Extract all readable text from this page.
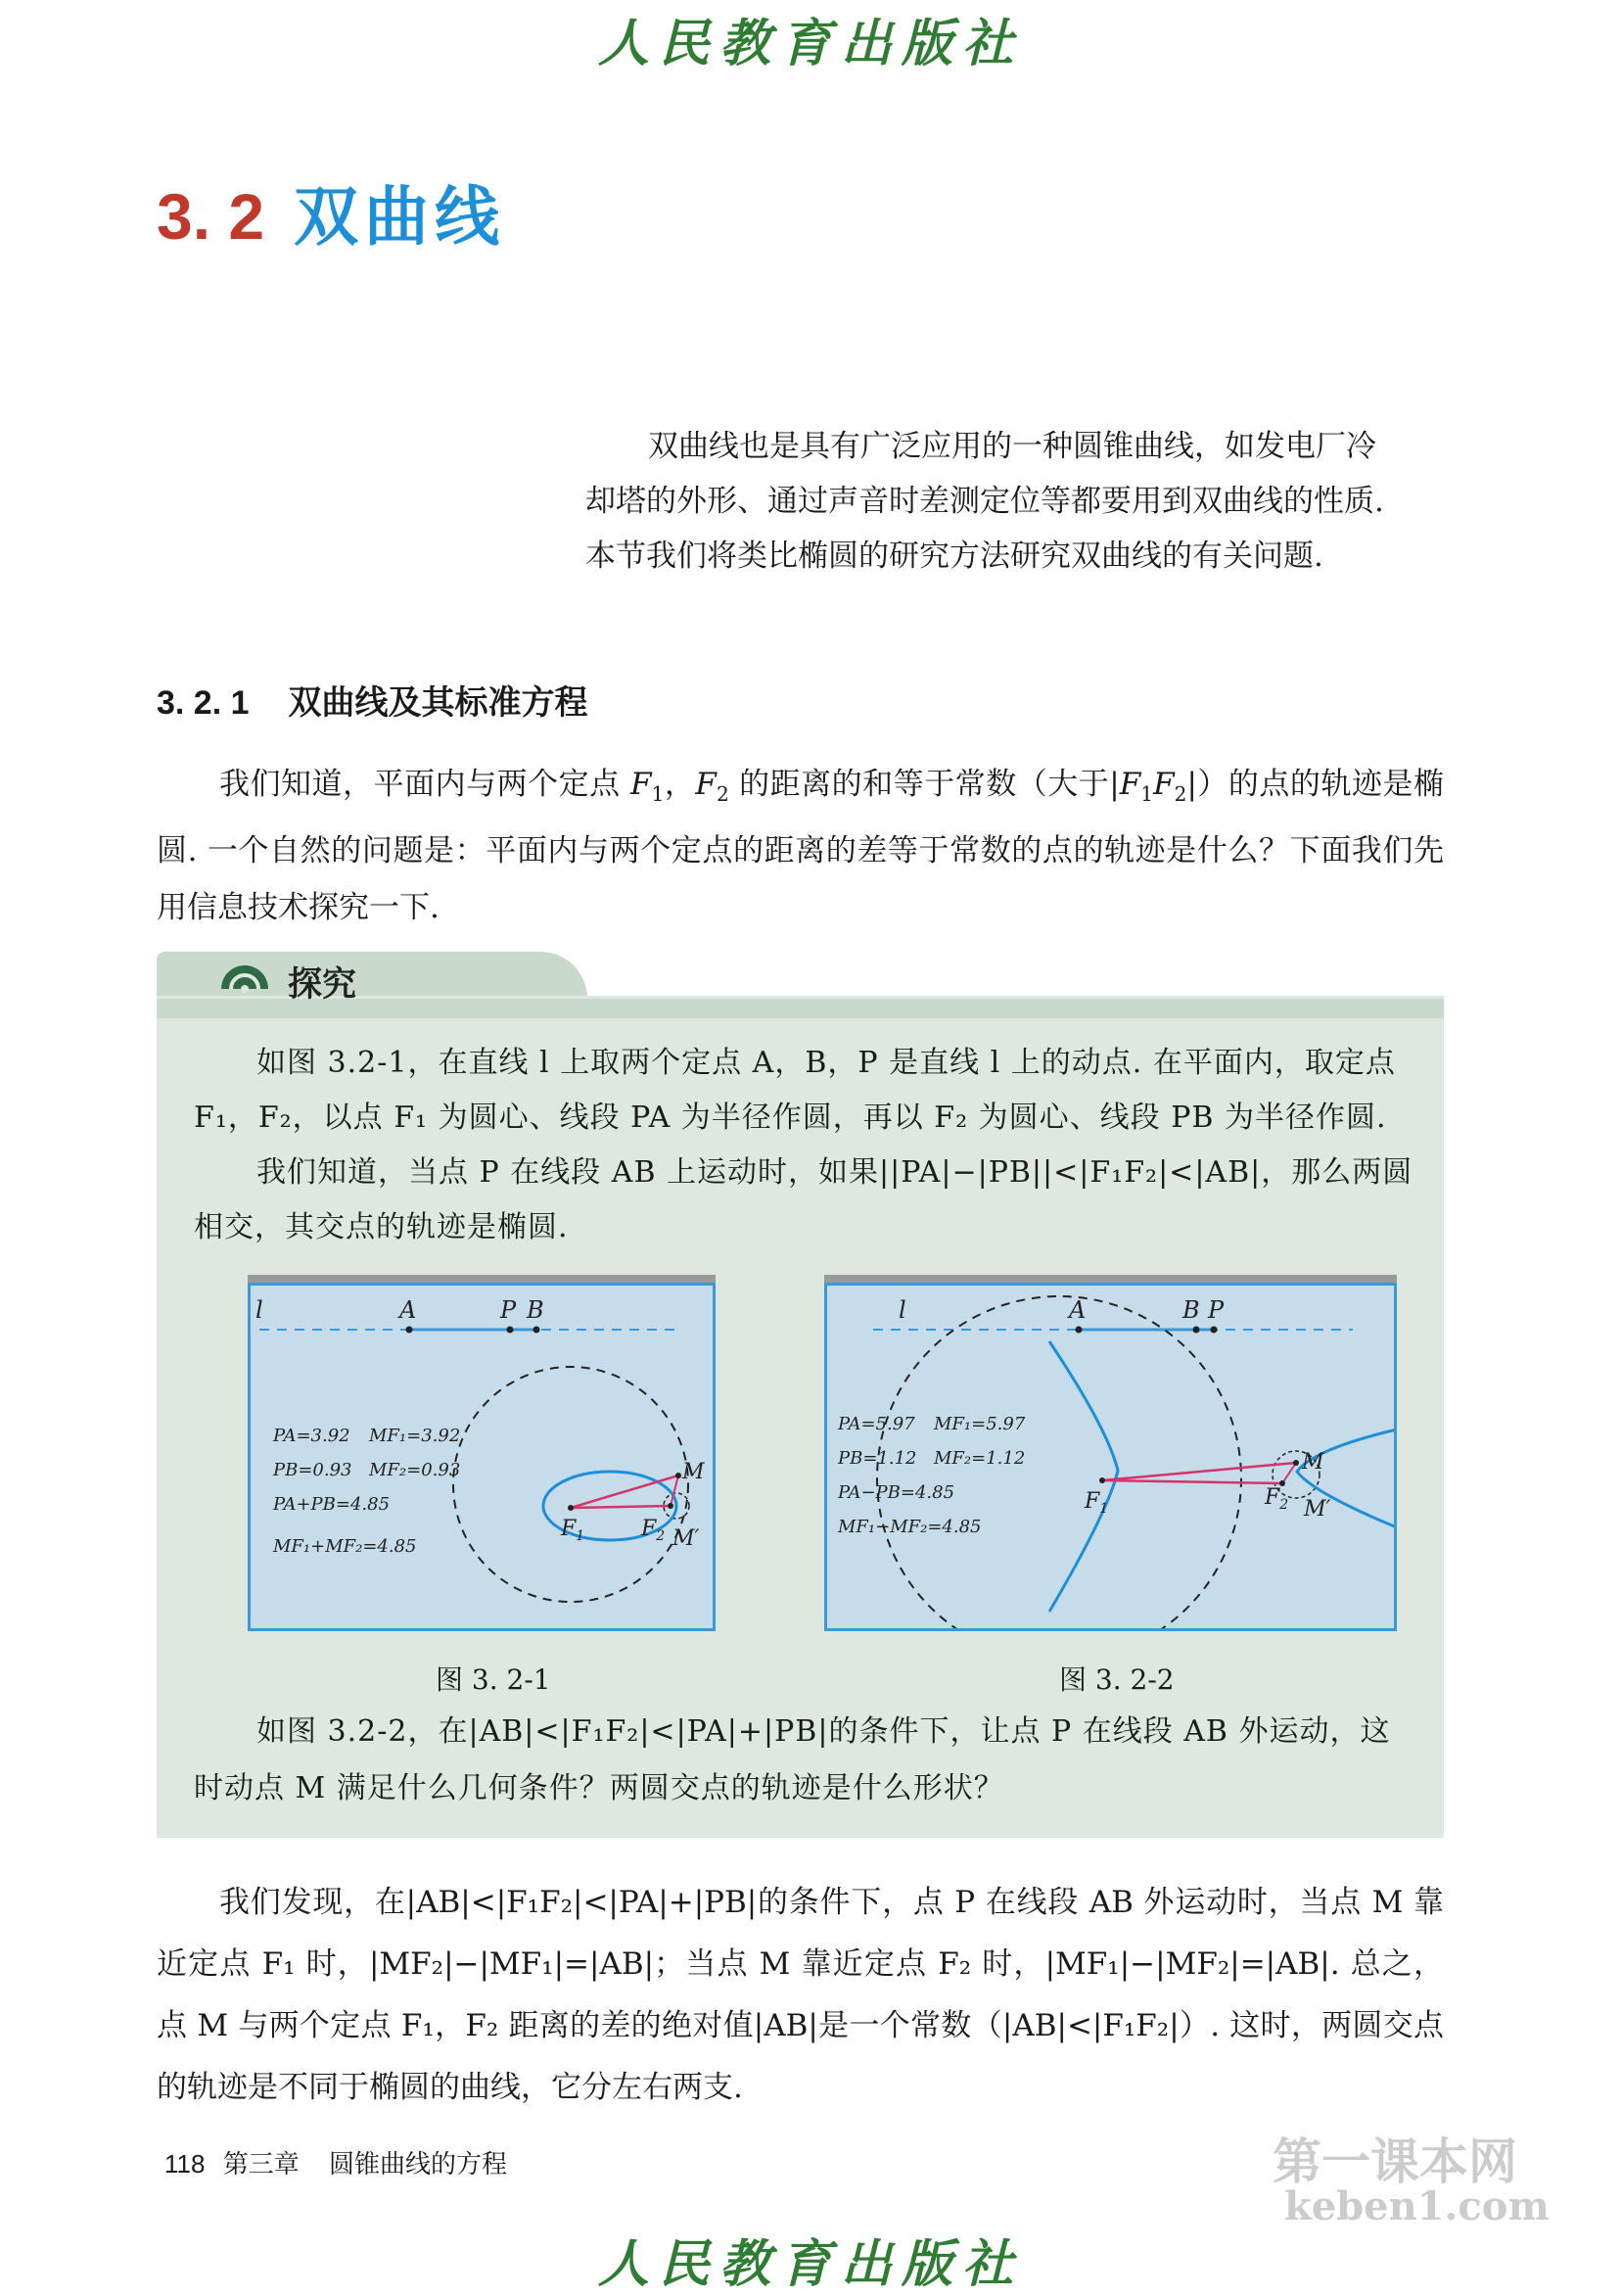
人民教育出版社
3. 2 双曲线

双曲线也是具有广泛应用的一种圆锥曲线，如发电厂冷

却塔的外形、通过声音时差测定位等都要用到双曲线的性质.

本节我们将类比椭圆的研究方法研究双曲线的有关问题.

3. 2. 1 双曲线及其标准方程

我们知道，平面内与两个定点 $F_1$，$F_2$ 的距离的和等于常数（大于$|F_1F_2|$）的点的轨迹是椭圆. 一个自然的问题是：平面内与两个定点的距离的差等于常数的点的轨迹是什么？下面我们先用信息技术探究一下.

探究

如图 3.2-1，在直线 l 上取两个定点 A，B，P 是直线 l 上的动点. 在平面内，取定点 F₁，F₂，以点 F₁ 为圆心、线段 PA 为半径作圆，再以 F₂ 为圆心、线段 PB 为半径作圆.

我们知道，当点 P 在线段 AB 上运动时，如果||PA|−|PB||<|F₁F₂|<|AB|，那么两圆相交，其交点的轨迹是椭圆.

l	A	P B
M
M′
$F_1$	$F_2$
PA=3.92 MF₁=3.92
PB=0.93 MF₂=0.93
PA+PB=4.85
MF₁+MF₂=4.85
图 3. 2-1
l	A	B P
M
M′
$F_1$	$F_2$
PA=5.97 MF₁=5.97
PB=1.12 MF₂=1.12
PA−PB=4.85
MF₁−MF₂=4.85
图 3. 2-2

如图 3.2-2，在|AB|<|F₁F₂|<|PA|+|PB|的条件下，让点 P 在线段 AB 外运动，这时动点 M 满足什么几何条件？两圆交点的轨迹是什么形状？

我们发现，在|AB|<|F₁F₂|<|PA|+|PB|的条件下，点 P 在线段 AB 外运动时，当点 M 靠近定点 F₁ 时，|MF₂|−|MF₁|=|AB|；当点 M 靠近定点 F₂ 时，|MF₁|−|MF₂|=|AB|. 总之，点 M 与两个定点 F₁，F₂ 距离的差的绝对值|AB|是一个常数（|AB|<|F₁F₂|）. 这时，两圆交点的轨迹是不同于椭圆的曲线，它分左右两支.

118 第三章 圆锥曲线的方程	第一课本网
keben1.com
人民教育出版社
